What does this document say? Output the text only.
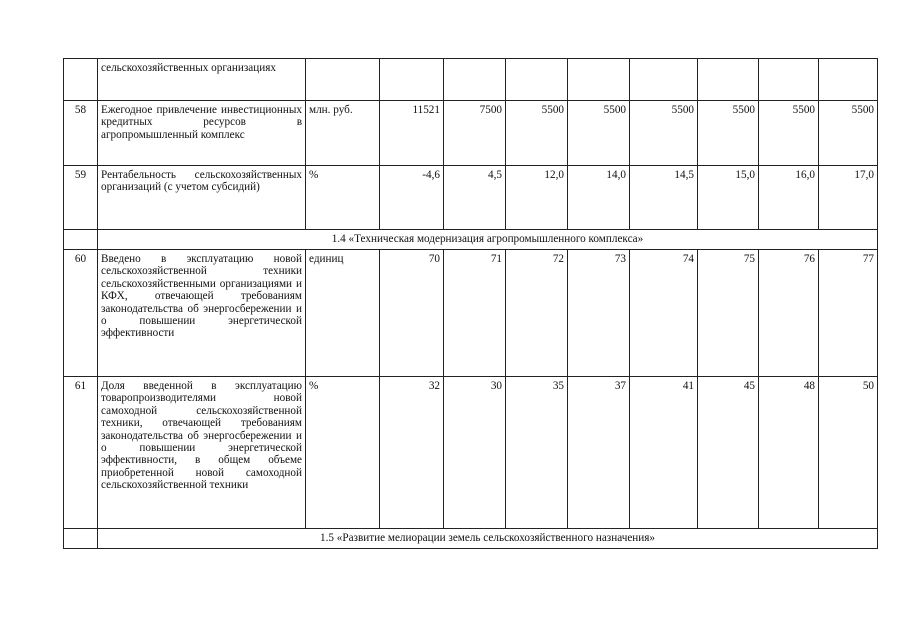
	сельскохозяйственных организациях									
58	Ежегодное привлечение инвестиционных кредитных ресурсов в агропромышленный комплекс	млн. руб.	11521	7500	5500	5500	5500	5500	5500	5500
59	Рентабельность сельскохозяйственных организаций (с учетом субсидий)	%	-4,6	4,5	12,0	14,0	14,5	15,0	16,0	17,0
	1.4 «Техническая модернизация агропромышленного комплекса»									
60	Введено в эксплуатацию новой сельскохозяйственной техники сельскохозяйственными организациями и КФХ, отвечающей требованиям законодательства об энергосбережении и о повышении энергетической эффективности	единиц	70	71	72	73	74	75	76	77
61	Доля введенной в эксплуатацию товаропроизводителями новой самоходной сельскохозяйственной техники, отвечающей требованиям законодательства об энергосбережении и о повышении энергетической эффективности, в общем объеме приобретенной новой самоходной сельскохозяйственной техники	%	32	30	35	37	41	45	48	50
	1.5 «Развитие мелиорации земель сельскохозяйственного назначения»									
